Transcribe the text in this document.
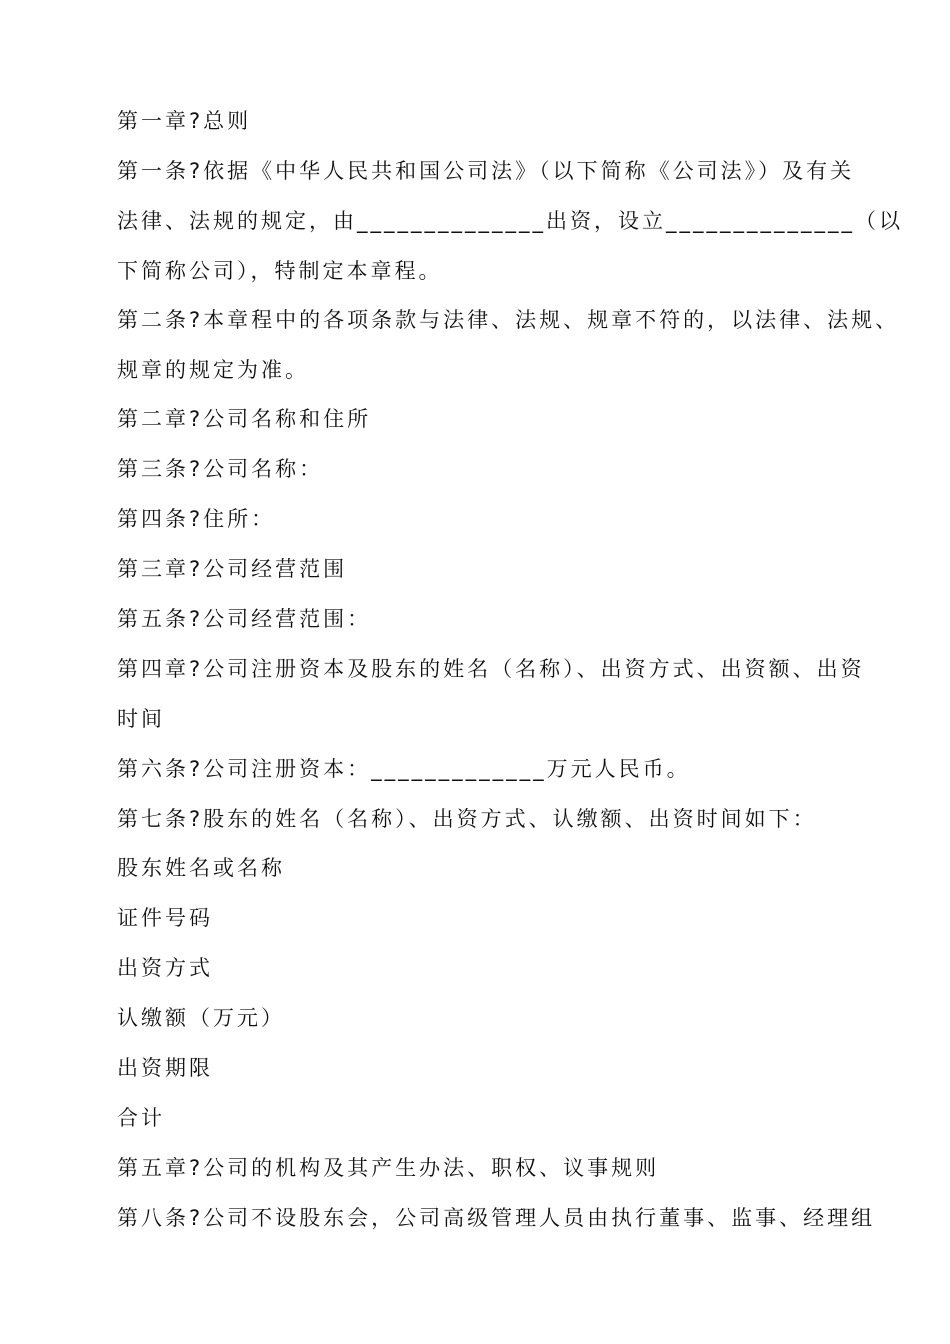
第一章?总则
第一条?依据《中华人民共和国公司法》（以下简称《公司法》）及有关
法律、法规的规定，由______________出资，设立______________（以
下简称公司），特制定本章程。
第二条?本章程中的各项条款与法律、法规、规章不符的，以法律、法规、
规章的规定为准。
第二章?公司名称和住所
第三条?公司名称：
第四条?住所：
第三章?公司经营范围
第五条?公司经营范围：
第四章?公司注册资本及股东的姓名（名称）、出资方式、出资额、出资
时间
第六条?公司注册资本：_____________万元人民币。
第七条?股东的姓名（名称）、出资方式、认缴额、出资时间如下：
股东姓名或名称
证件号码
出资方式
认缴额（万元）
出资期限
合计
第五章?公司的机构及其产生办法、职权、议事规则
第八条?公司不设股东会，公司高级管理人员由执行董事、监事、经理组
